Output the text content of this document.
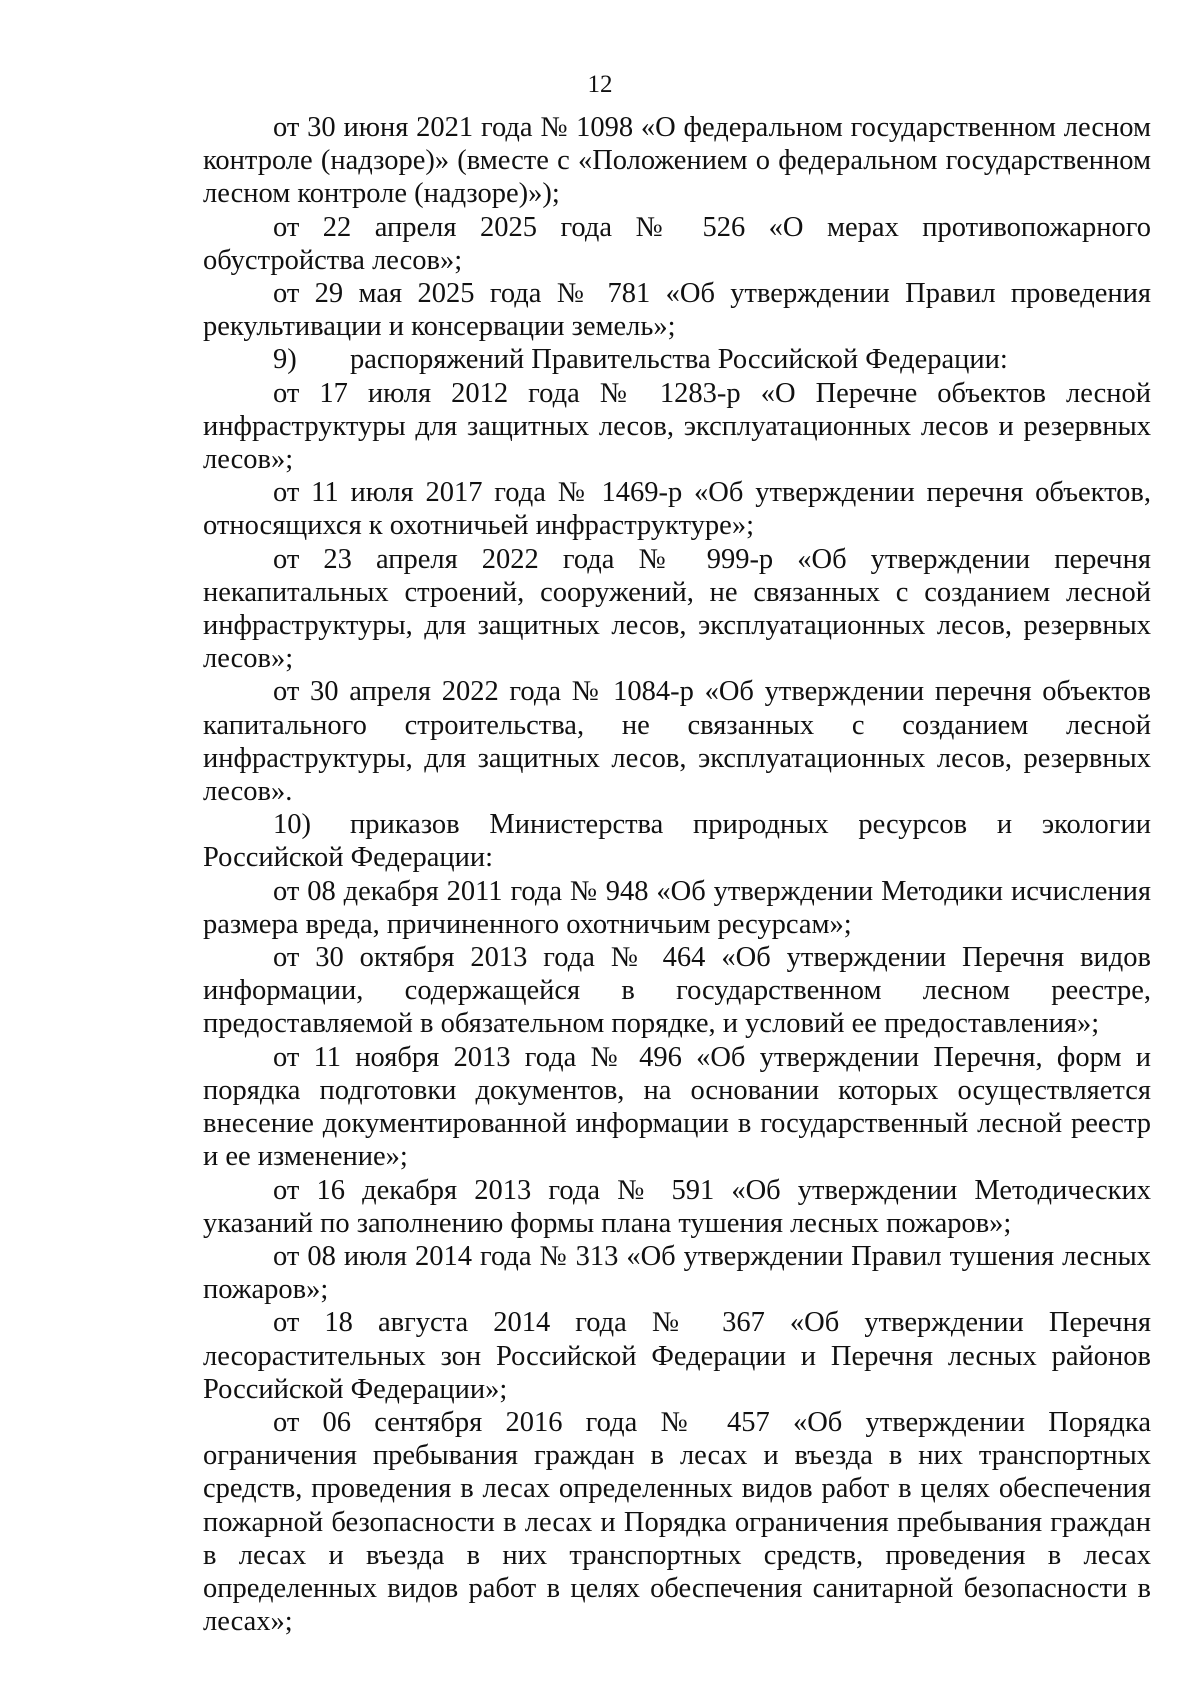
12

от 30 июня 2021 года № 1098 «О федеральном государственном лесном контроле (надзоре)» (вместе с «Положением о федеральном государственном лесном контроле (надзоре)»);

от 22 апреля 2025 года № 526 «О мерах противопожарного обустройства лесов»;

от 29 мая 2025 года № 781 «Об утверждении Правил проведения рекультивации и консервации земель»;

9)	распоряжений Правительства Российской Федерации:

от 17 июля 2012 года № 1283-р «О Перечне объектов лесной инфраструктуры для защитных лесов, эксплуатационных лесов и резервных лесов»;

от 11 июля 2017 года № 1469-р «Об утверждении перечня объектов, относящихся к охотничьей инфраструктуре»;

от 23 апреля 2022 года № 999-р «Об утверждении перечня некапитальных строений, сооружений, не связанных с созданием лесной инфраструктуры, для защитных лесов, эксплуатационных лесов, резервных лесов»;

от 30 апреля 2022 года № 1084-р «Об утверждении перечня объектов капитального строительства, не связанных с созданием лесной инфраструктуры, для защитных лесов, эксплуатационных лесов, резервных лесов».

10)	приказов Министерства природных ресурсов и экологии

Российской Федерации:

от 08 декабря 2011 года № 948 «Об утверждении Методики исчисления размера вреда, причиненного охотничьим ресурсам»;

от 30 октября 2013 года № 464 «Об утверждении Перечня видов информации, содержащейся в государственном лесном реестре, предоставляемой в обязательном порядке, и условий ее предоставления»;

от 11 ноября 2013 года № 496 «Об утверждении Перечня, форм и порядка подготовки документов, на основании которых осуществляется внесение документированной информации в государственный лесной реестр и ее изменение»;

от 16 декабря 2013 года № 591 «Об утверждении Методических указаний по заполнению формы плана тушения лесных пожаров»;

от 08 июля 2014 года № 313 «Об утверждении Правил тушения лесных пожаров»;

от 18 августа 2014 года № 367 «Об утверждении Перечня лесорастительных зон Российской Федерации и Перечня лесных районов Российской Федерации»;

от 06 сентября 2016 года № 457 «Об утверждении Порядка ограничения пребывания граждан в лесах и въезда в них транспортных средств, проведения в лесах определенных видов работ в целях обеспечения пожарной безопасности в лесах и Порядка ограничения пребывания граждан в лесах и въезда в них транспортных средств, проведения в лесах определенных видов работ в целях обеспечения санитарной безопасности в лесах»;
